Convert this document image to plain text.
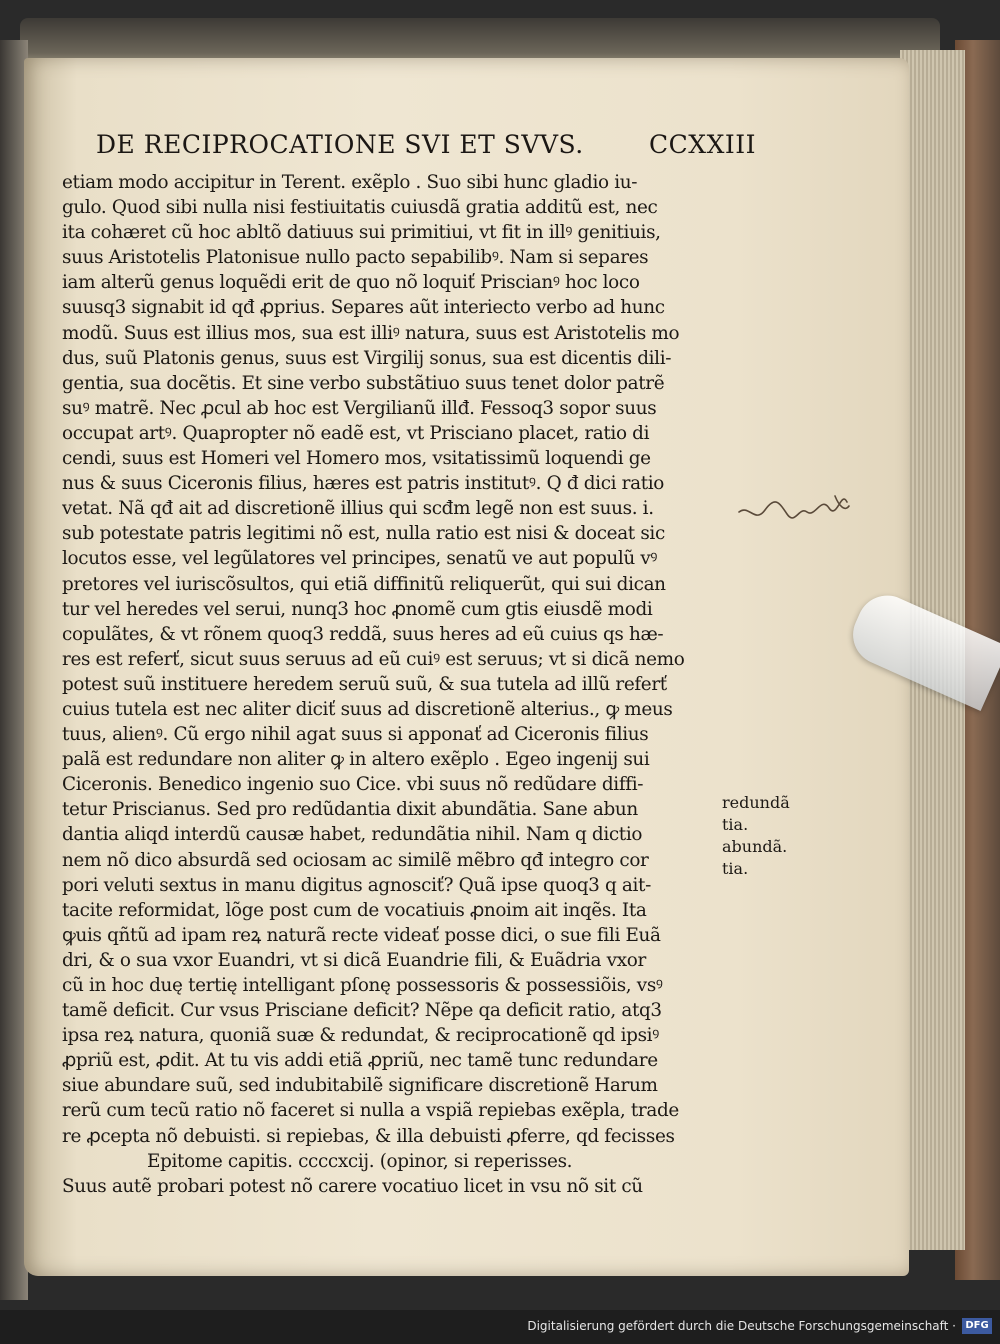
DE RECIPROCATIONE SVI ET SVVS.	CCXXIII
etiam modo accipitur in Terent. exẽplo . Suo sibi hunc gladio iu-
gulo. Quod sibi nulla nisi festiuitatis cuiusdã gratia additũ est, nec
ita cohæret cũ hoc abltõ datiuus sui primitiui, vt fit in illꝰ genitiuis,
suus Aristotelis Platonisue nullo pacto sepabilibꝰ. Nam si separes
iam alterũ genus loquẽdi erit de quo nõ loquiť Priscianꝰ hoc loco
suusq3 signabit id qđ ꝓprius. Separes aũt interiecto verbo ad hunc
modũ. Suus est illius mos, sua est illiꝰ natura, suus est Aristotelis mo
dus, suũ Platonis genus, suus est Virgilij sonus, sua est dicentis dili-
gentia, sua docẽtis. Et sine verbo substãtiuo suus tenet dolor patrẽ
suꝰ matrẽ. Nec ꝓcul ab hoc est Vergilianũ illđ. Fessoq3 sopor suus
occupat artꝰ. Quapropter nõ eadẽ est, vt Prisciano placet, ratio di
cendi, suus est Homeri vel Homero mos, vsitatissimũ loquendi ge
nus & suus Ciceronis filius, hæres est patris institutꝰ. Q đ dici ratio
vetat. Nã qđ ait ad discretionẽ illius qui scđm legẽ non est suus. i.
sub potestate patris legitimi nõ est, nulla ratio est nisi & doceat sic
locutos esse, vel legũlatores vel principes, senatũ ve aut populũ vꝰ
pretores vel iuriscõsultos, qui etiã diffinitũ reliquerũt, qui sui dican
tur vel heredes vel serui, nunq3 hoc ꝓnomẽ cum gtis eiusdẽ modi
copulãtes, & vt rõnem quoq3 reddã, suus heres ad eũ cuius qs hæ-
res est referť, sicut suus seruus ad eũ cuiꝰ est seruus; vt si dicã nemo
potest suũ instituere heredem seruũ suũ, & sua tutela ad illũ referť
cuius tutela est nec aliter diciť suus ad discretionẽ alterius., ꝙ meus
tuus, alienꝰ. Cũ ergo nihil agat suus si apponať ad Ciceronis filius
palã est redundare non aliter ꝙ in altero exẽplo . Egeo ingenij sui
Ciceronis. Benedico ingenio suo Cice. vbi suus nõ redũdare diffi-
tetur Priscianus. Sed pro redũdantia dixit abundãtia. Sane abun
dantia aliqd interdũ causæ habet, redundãtia nihil. Nam q dictio
nem nõ dico absurdã sed ociosam ac similẽ mẽbro qđ integro cor
pori veluti sextus in manu digitus agnosciť? Quã ipse quoq3 q ait-
tacite reformidat, lõge post cum de vocatiuis ꝓnoim ait inqẽs. Ita
ꝙuis qñtũ ad ipam reꝝ naturã recte videať posse dici, o sue fili Euã
dri, & o sua vxor Euandri, vt si dicã Euandrie fili, & Euãdria vxor
cũ in hoc duę tertię intelligant pſonę possessoris & possessiõis, vsꝰ
tamẽ deficit. Cur vsus Prisciane deficit? Nẽpe qa deficit ratio, atq3
ipsa reꝝ natura, quoniã suæ & redundat, & reciprocationẽ qd ipsiꝰ
ꝓpriũ est, ꝓdit. At tu vis addi etiã ꝓpriũ, nec tamẽ tunc redundare
siue abundare suũ, sed indubitabilẽ significare discretionẽ Harum
rerũ cum tecũ ratio nõ faceret si nulla a vspiã repiebas exẽpla, trade
re ꝓcepta nõ debuisti. si repiebas, & illa debuisti ꝓferre, qd fecisses
Epitome capitis. ccccxcij. (opinor, si reperisses.
Suus autẽ probari potest nõ carere vocatiuo licet in vsu nõ sit cũ
redundã
tia.
abundã.
tia.
Digitalisierung gefördert durch die Deutsche Forschungsgemeinschaft · DFG
